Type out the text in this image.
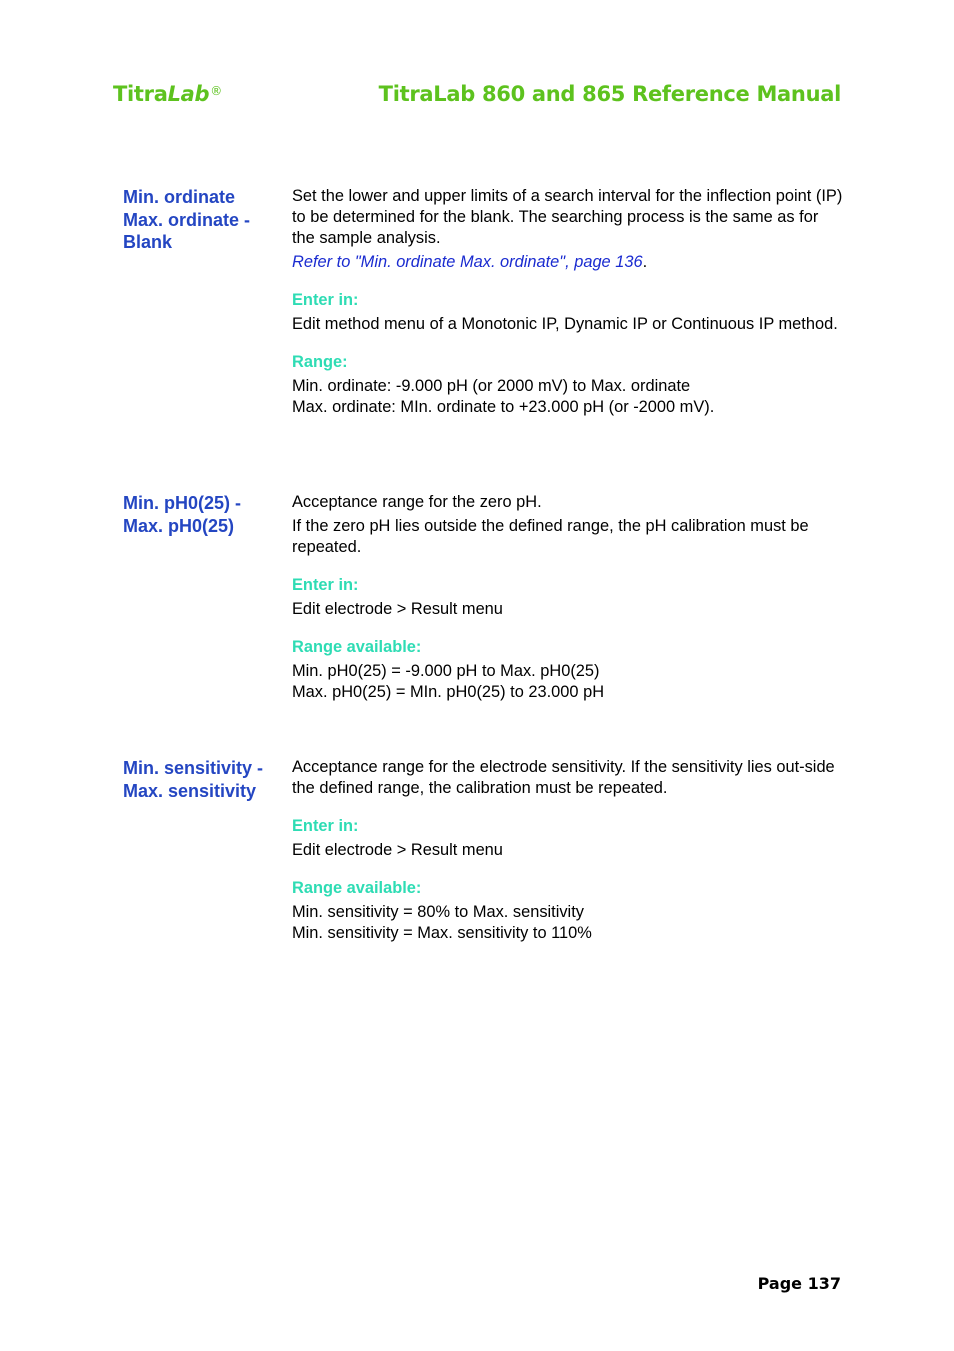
TitraLab®	TitraLab 860 and 865 Reference Manual
Min. ordinate
Max. ordinate -
Blank

Set the lower and upper limits of a search interval for the inflection point (IP) to be determined for the blank. The searching process is the same as for the sample analysis.

Refer to "Min. ordinate Max. ordinate", page 136.

Enter in:

Edit method menu of a Monotonic IP, Dynamic IP or Continuous IP method.

Range:

Min. ordinate: -9.000 pH (or 2000 mV) to Max. ordinate
Max. ordinate: MIn. ordinate to +23.000 pH (or -2000 mV).

Min. pH0(25) -
Max. pH0(25)

Acceptance range for the zero pH.

If the zero pH lies outside the defined range, the pH calibration must be repeated.

Enter in:

Edit electrode > Result menu

Range available:

Min. pH0(25) = -9.000 pH to Max. pH0(25)
Max. pH0(25) = MIn. pH0(25) to 23.000 pH

Min. sensitivity -
Max. sensitivity

Acceptance range for the electrode sensitivity. If the sensitivity lies out-side the defined range, the calibration must be repeated.

Enter in:

Edit electrode > Result menu

Range available:

Min. sensitivity = 80% to Max. sensitivity
Min. sensitivity = Max. sensitivity to 110%

Page 137
